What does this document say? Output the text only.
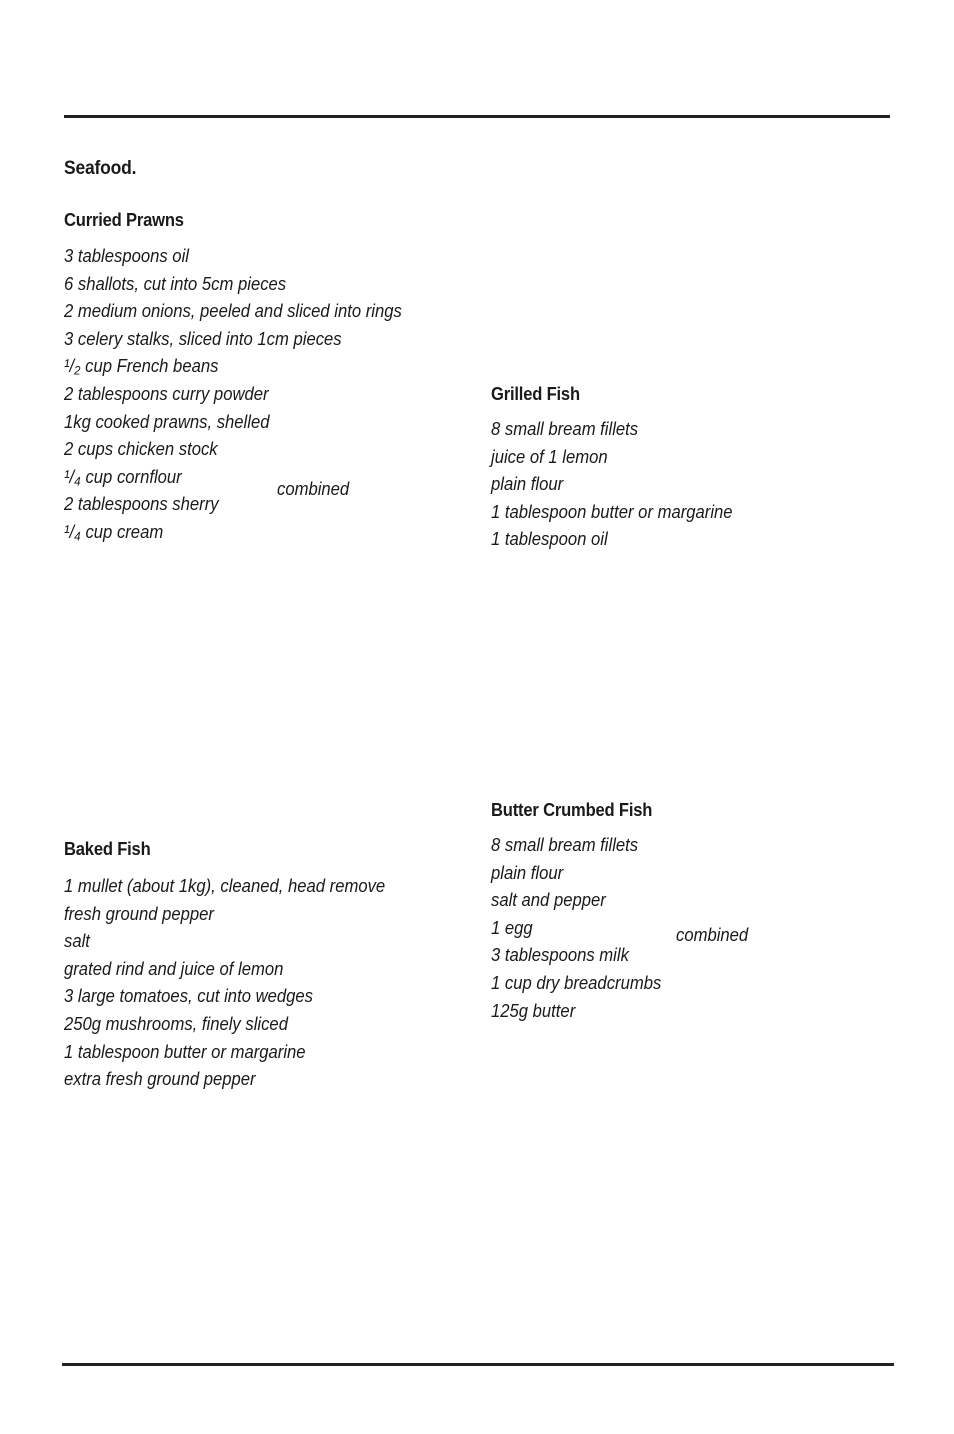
Seafood.
Curried Prawns
3 tablespoons oil
6 shallots, cut into 5cm pieces
2 medium onions, peeled and sliced into rings
3 celery stalks, sliced into 1cm pieces
¹/₂ cup French beans
2 tablespoons curry powder
1kg cooked prawns, shelled
2 cups chicken stock
¹/₄ cup cornflour
2 tablespoons sherry
¹/₄ cup cream
combined
Grilled Fish
8 small bream fillets
juice of 1 lemon
plain flour
1 tablespoon butter or margarine
1 tablespoon oil
Baked Fish
1 mullet (about 1kg), cleaned, head remove
fresh ground pepper
salt
grated rind and juice of lemon
3 large tomatoes, cut into wedges
250g mushrooms, finely sliced
1 tablespoon butter or margarine
extra fresh ground pepper
Butter Crumbed Fish
8 small bream fillets
plain flour
salt and pepper
1 egg
3 tablespoons milk
1 cup dry breadcrumbs
125g butter
combined
